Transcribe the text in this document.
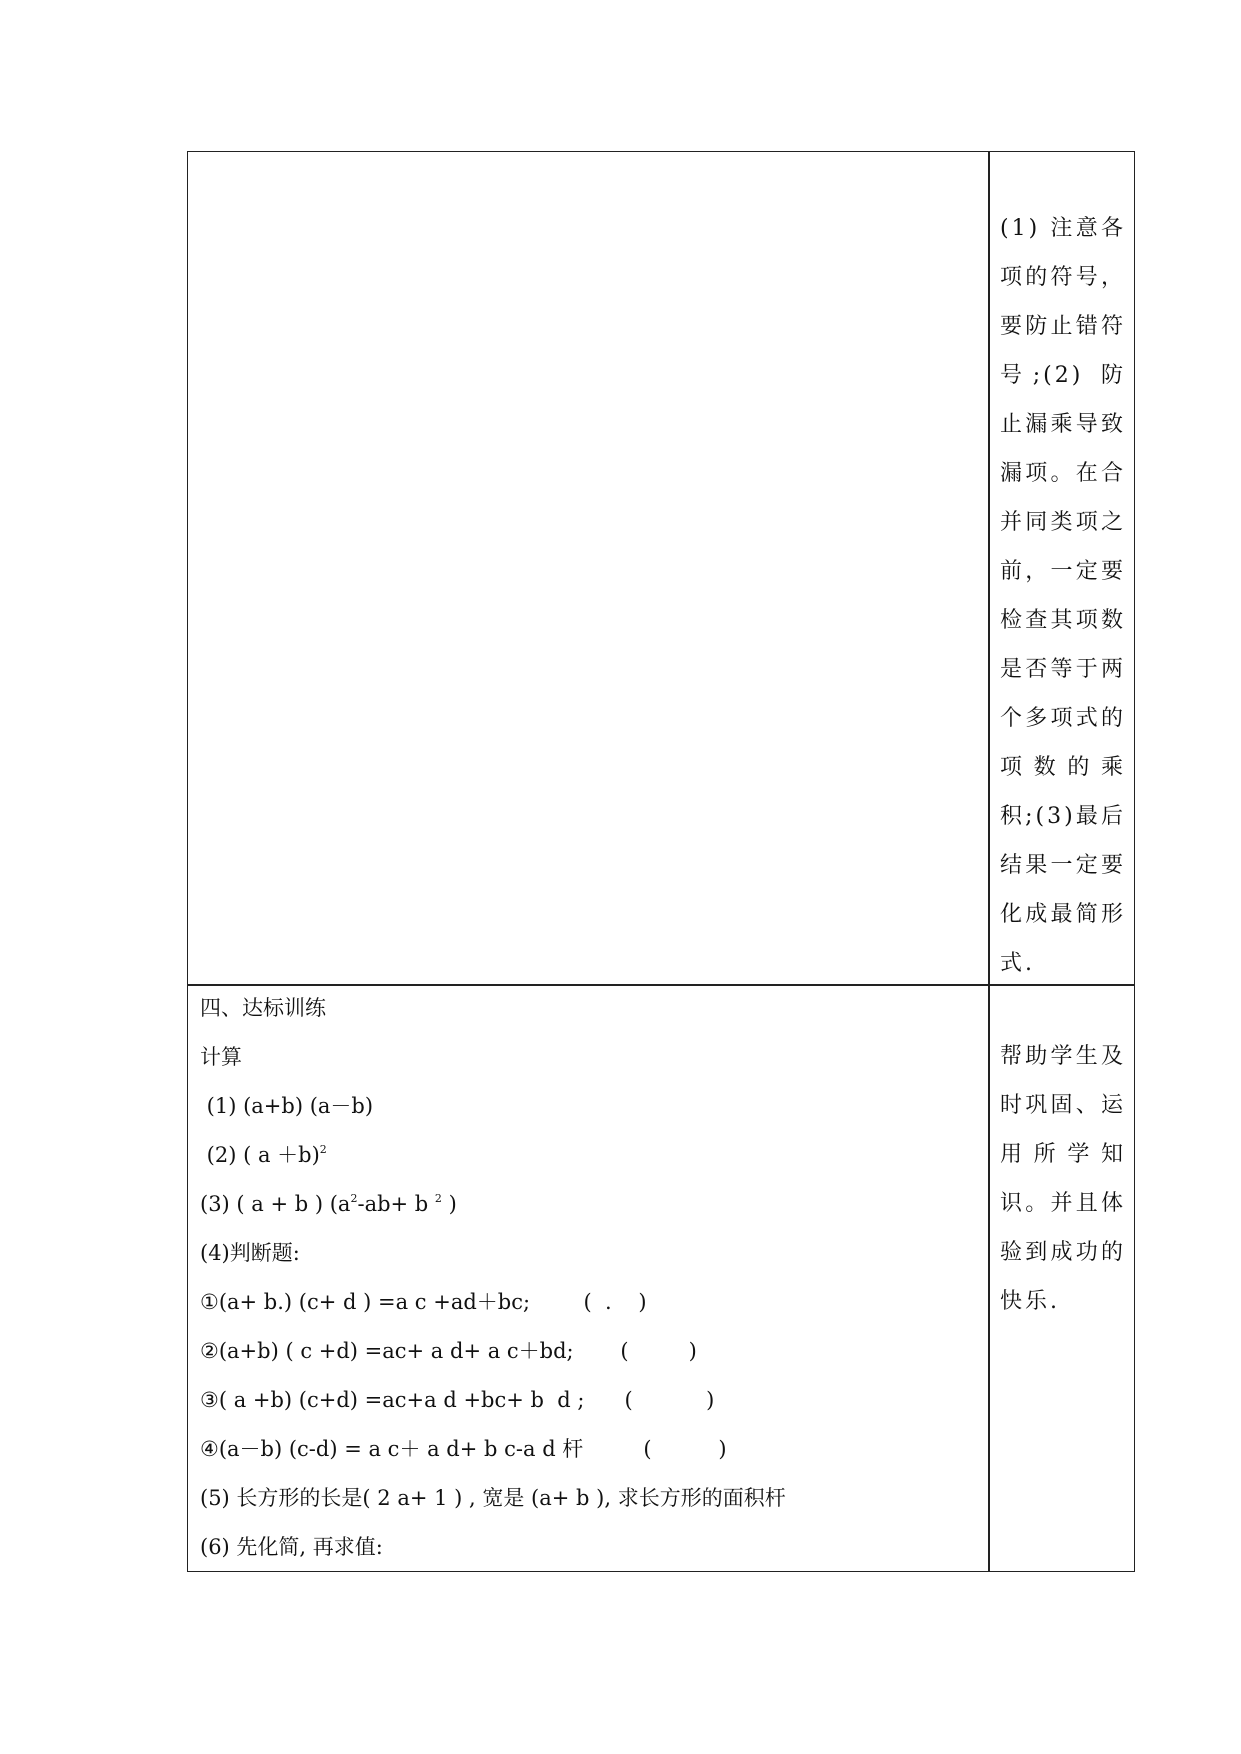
(1) 注意各项的符号，要防止错符号;(2) 防止漏乘导致漏项。在合并同类项之前，一定要检查其项数是否等于两个多项式的项数的乘积;(3)最后结果一定要化成最简形式.
四、达标训练
计算
(1) (a+b) (a－b)
(2) ( a ＋b)$^2$
(3) ( a + b ) ($a^2-ab+ b$ $^2$ )
(4)判断题:
①(a+ b.) (c+ d ) =a c +ad＋bc;        (  .    )
②(a+b) ( c +d) =ac+ a d+ a c＋bd;       (         )
③( a +b) (c+d) =ac+a d +bc+ b  d ;      (           )
④(a－b) (c-d) = a c＋ a d+ b c-a d 杆         (          )
(5) 长方形的长是( 2 a+ 1 ) , 宽是 (a+ b ), 求长方形的面积杆
(6) 先化简, 再求值:
帮助学生及时巩固、运用所学知识。并且体验到成功的快乐.
